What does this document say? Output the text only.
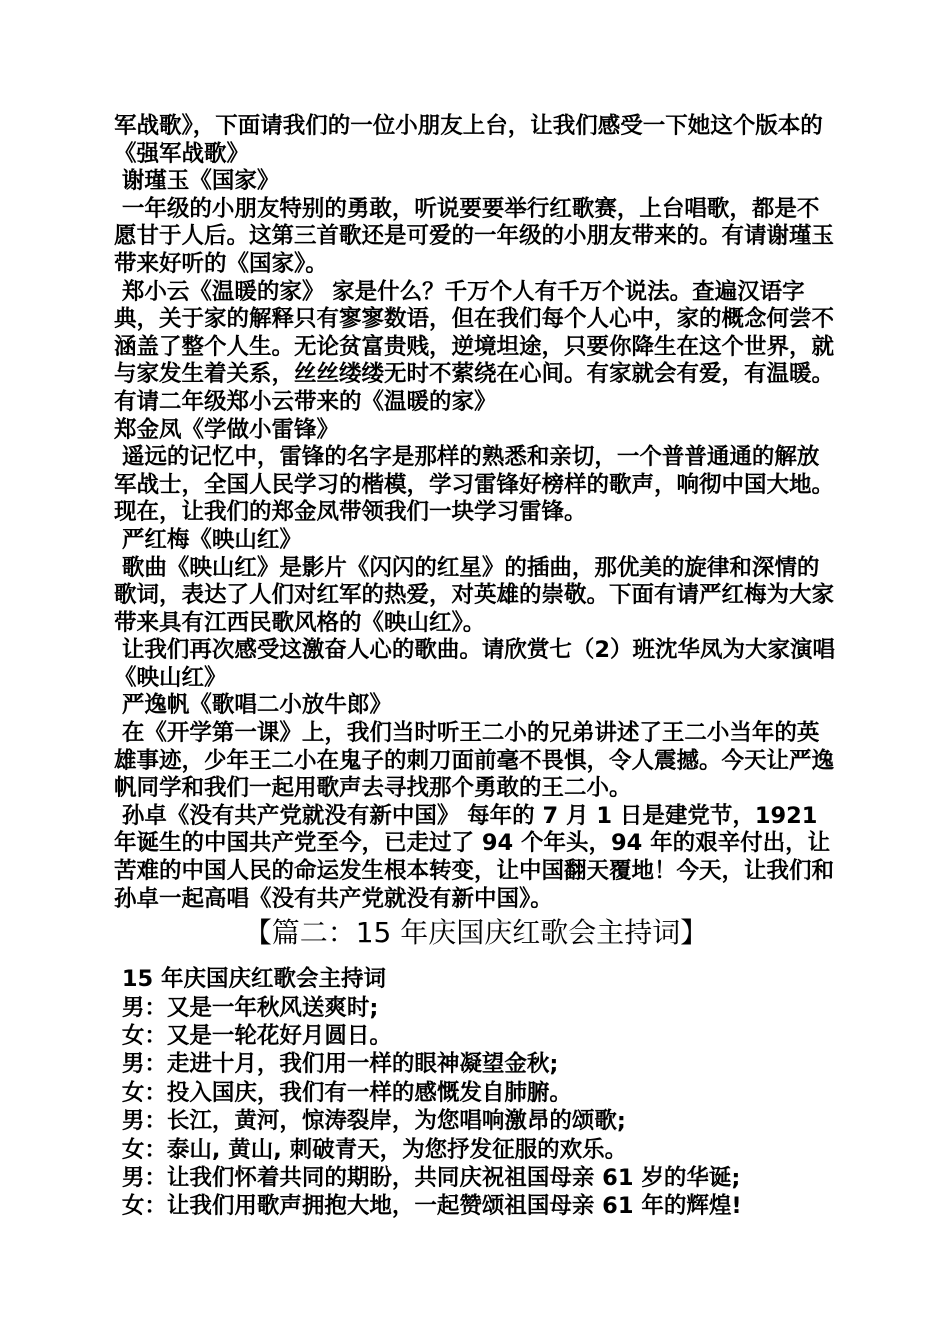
军战歌》，下面请我们的一位小朋友上台，让我们感受一下她这个版本的《强军战歌》

谢瑾玉《国家》

一年级的小朋友特别的勇敢，听说要要举行红歌赛，上台唱歌，都是不愿甘于人后。这第三首歌还是可爱的一年级的小朋友带来的。有请谢瑾玉带来好听的《国家》。

郑小云《温暖的家》 家是什么？千万个人有千万个说法。查遍汉语字典，关于家的解释只有寥寥数语，但在我们每个人心中，家的概念何尝不涵盖了整个人生。无论贫富贵贱，逆境坦途，只要你降生在这个世界，就与家发生着关系，丝丝缕缕无时不萦绕在心间。有家就会有爱，有温暖。有请二年级郑小云带来的《温暖的家》

郑金凤《学做小雷锋》

遥远的记忆中，雷锋的名字是那样的熟悉和亲切，一个普普通通的解放军战士，全国人民学习的楷模，学习雷锋好榜样的歌声，响彻中国大地。现在，让我们的郑金凤带领我们一块学习雷锋。

严红梅《映山红》

歌曲《映山红》是影片《闪闪的红星》的插曲，那优美的旋律和深情的歌词，表达了人们对红军的热爱，对英雄的崇敬。下面有请严红梅为大家带来具有江西民歌风格的《映山红》。

让我们再次感受这激奋人心的歌曲。请欣赏七（2）班沈华凤为大家演唱《映山红》

严逸帆《歌唱二小放牛郎》

在《开学第一课》上，我们当时听王二小的兄弟讲述了王二小当年的英雄事迹，少年王二小在鬼子的刺刀面前毫不畏惧，令人震撼。今天让严逸帆同学和我们一起用歌声去寻找那个勇敢的王二小。

孙卓《没有共产党就没有新中国》 每年的 7 月 1 日是建党节，1921年诞生的中国共产党至今，已走过了 94 个年头，94 年的艰辛付出，让苦难的中国人民的命运发生根本转变，让中国翻天覆地！今天，让我们和孙卓一起高唱《没有共产党就没有新中国》。

【篇二：15 年庆国庆红歌会主持词】

15 年庆国庆红歌会主持词

男：又是一年秋风送爽时;

女：又是一轮花好月圆日。

男：走进十月，我们用一样的眼神凝望金秋;

女：投入国庆，我们有一样的感慨发自肺腑。

男：长江，黄河，惊涛裂岸，为您唱响激昂的颂歌;

女：泰山, 黄山, 刺破青天，为您抒发征服的欢乐。

男：让我们怀着共同的期盼，共同庆祝祖国母亲 61 岁的华诞;

女：让我们用歌声拥抱大地，一起赞颂祖国母亲 61 年的辉煌!
